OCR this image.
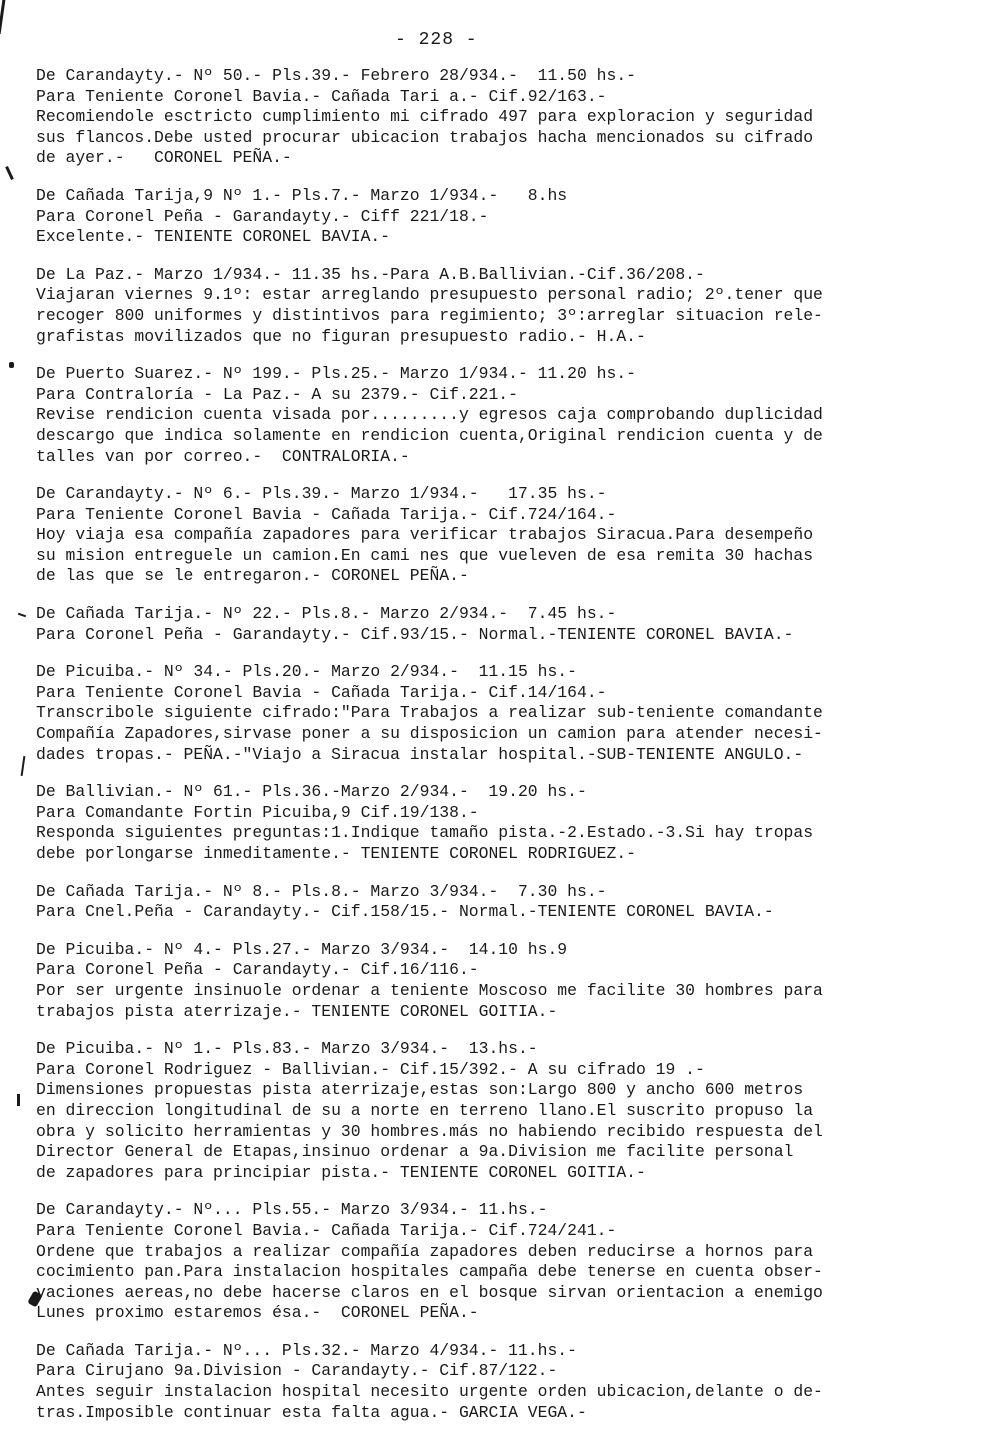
- 228 -
De Carandayty.- Nº 50.- Pls.39.- Febrero 28/934.-  11.50 hs.-
Para Teniente Coronel Bavia.- Cañada Tari a.- Cif.92/163.-
Recomiendole esctricto cumplimiento mi cifrado 497 para exploracion y seguridad
sus flancos.Debe usted procurar ubicacion trabajos hacha mencionados su cifrado
de ayer.-   CORONEL PEÑA.-
De Cañada Tarija,9 Nº 1.- Pls.7.- Marzo 1/934.-   8.hs
Para Coronel Peña - Garandayty.- Ciff 221/18.-
Excelente.- TENIENTE CORONEL BAVIA.-
De La Paz.- Marzo 1/934.- 11.35 hs.-Para A.B.Ballivian.-Cif.36/208.-
Viajaran viernes 9.1º: estar arreglando presupuesto personal radio; 2º.tener que
recoger 800 uniformes y distintivos para regimiento; 3º:arreglar situacion rele-
grafistas movilizados que no figuran presupuesto radio.- H.A.-
De Puerto Suarez.- Nº 199.- Pls.25.- Marzo 1/934.- 11.20 hs.-
Para Contraloría - La Paz.- A su 2379.- Cif.221.-
Revise rendicion cuenta visada por.........y egresos caja comprobando duplicidad
descargo que indica solamente en rendicion cuenta,Original rendicion cuenta y de
talles van por correo.-  CONTRALORIA.-
De Carandayty.- Nº 6.- Pls.39.- Marzo 1/934.-   17.35 hs.-
Para Teniente Coronel Bavia - Cañada Tarija.- Cif.724/164.-
Hoy viaja esa compañía zapadores para verificar trabajos Siracua.Para desempeño
su mision entreguele un camion.En cami nes que vueleven de esa remita 30 hachas
de las que se le entregaron.- CORONEL PEÑA.-
De Cañada Tarija.- Nº 22.- Pls.8.- Marzo 2/934.-  7.45 hs.-
Para Coronel Peña - Garandayty.- Cif.93/15.- Normal.-TENIENTE CORONEL BAVIA.-
De Picuiba.- Nº 34.- Pls.20.- Marzo 2/934.-  11.15 hs.-
Para Teniente Coronel Bavia - Cañada Tarija.- Cif.14/164.-
Transcribole siguiente cifrado:"Para Trabajos a realizar sub-teniente comandante
Compañía Zapadores,sirvase poner a su disposicion un camion para atender necesi-
dades tropas.- PEÑA.-"Viajo a Siracua instalar hospital.-SUB-TENIENTE ANGULO.-
De Ballivian.- Nº 61.- Pls.36.-Marzo 2/934.-  19.20 hs.-
Para Comandante Fortin Picuiba,9 Cif.19/138.-
Responda siguientes preguntas:1.Indique tamaño pista.-2.Estado.-3.Si hay tropas
debe porlongarse inmeditamente.- TENIENTE CORONEL RODRIGUEZ.-
De Cañada Tarija.- Nº 8.- Pls.8.- Marzo 3/934.-  7.30 hs.-
Para Cnel.Peña - Carandayty.- Cif.158/15.- Normal.-TENIENTE CORONEL BAVIA.-
De Picuiba.- Nº 4.- Pls.27.- Marzo 3/934.-  14.10 hs.9
Para Coronel Peña - Carandayty.- Cif.16/116.-
Por ser urgente insinuole ordenar a teniente Moscoso me facilite 30 hombres para
trabajos pista aterrizaje.- TENIENTE CORONEL GOITIA.-
De Picuiba.- Nº 1.- Pls.83.- Marzo 3/934.-  13.hs.-
Para Coronel Rodriguez - Ballivian.- Cif.15/392.- A su cifrado 19 .-
Dimensiones propuestas pista aterrizaje,estas son:Largo 800 y ancho 600 metros
en direccion longitudinal de su a norte en terreno llano.El suscrito propuso la
obra y solicito herramientas y 30 hombres.más no habiendo recibido respuesta del
Director General de Etapas,insinuo ordenar a 9a.Division me facilite personal
de zapadores para principiar pista.- TENIENTE CORONEL GOITIA.-
De Carandayty.- Nº... Pls.55.- Marzo 3/934.- 11.hs.-
Para Teniente Coronel Bavia.- Cañada Tarija.- Cif.724/241.-
Ordene que trabajos a realizar compañía zapadores deben reducirse a hornos para
cocimiento pan.Para instalacion hospitales campaña debe tenerse en cuenta obser-
vaciones aereas,no debe hacerse claros en el bosque sirvan orientacion a enemigo
Lunes proximo estaremos ésa.-  CORONEL PEÑA.-
De Cañada Tarija.- Nº... Pls.32.- Marzo 4/934.- 11.hs.-
Para Cirujano 9a.Division - Carandayty.- Cif.87/122.-
Antes seguir instalacion hospital necesito urgente orden ubicacion,delante o de-
tras.Imposible continuar esta falta agua.- GARCIA VEGA.-
